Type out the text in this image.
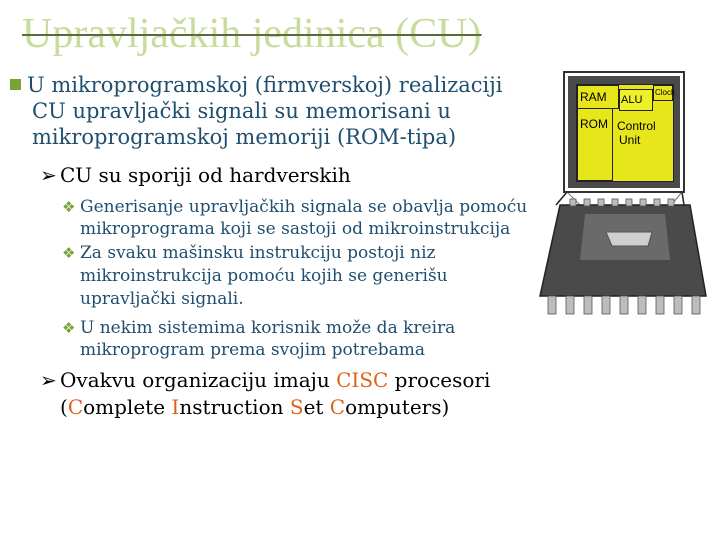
Upravljačkih jedinica (CU)
U mikroprogramskoj (firmverskoj) realizaciji
CU upravljački signali su memorisani u
mikroprogramskoj memoriji (ROM-tipa)
➢ CU su sporiji od hardverskih
❖ Generisanje upravljačkih signala se obavlja pomoću
mikroprograma koji se sastoji od mikroinstrukcija
❖ Za svaku mašinsku instrukciju postoji niz
mikroinstrukcija pomoću kojih se generišu
upravljački signali.
❖ U nekim sistemima korisnik može da kreira
mikroprogram prema svojim potrebama
➢ Ovakvu organizaciju imaju CISC procesori
(Complete Instruction Set Computers)
RAM	ALU
Clock
ROM Control
Unit
